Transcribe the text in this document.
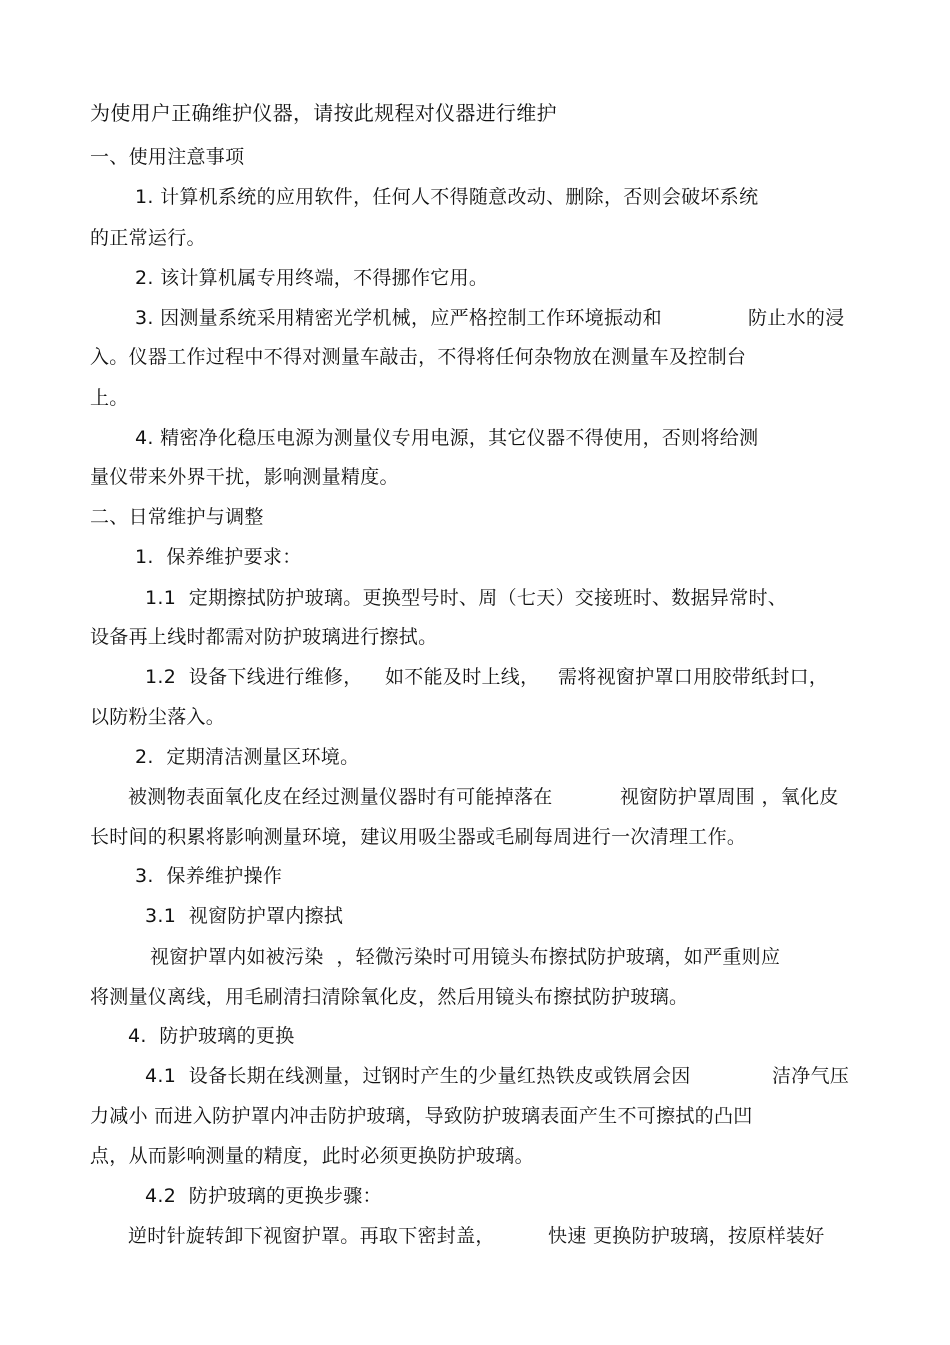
为使用户正确维护仪器，请按此规程对仪器进行维护
一、使用注意事项
1. 计算机系统的应用软件，任何人不得随意改动、删除，否则会破坏系统
的正常运行。
2. 该计算机属专用终端，不得挪作它用。
3. 因测量系统采用精密光学机械，应严格控制工作环境振动和	防止水的浸
入。仪器工作过程中不得对测量车敲击，不得将任何杂物放在测量车及控制台
上。
4. 精密净化稳压电源为测量仪专用电源，其它仪器不得使用，否则将给测
量仪带来外界干扰，影响测量精度。
二、日常维护与调整
1.  保养维护要求：
1.1  定期擦拭防护玻璃。更换型号时、周（七天）交接班时、数据异常时、
设备再上线时都需对防护玻璃进行擦拭。
1.2  设备下线进行维修， 如不能及时上线， 需将视窗护罩口用胶带纸封口，
以防粉尘落入。
2.  定期清洁测量区环境。
被测物表面氧化皮在经过测量仪器时有可能掉落在	视窗防护罩周围 ，氧化皮
长时间的积累将影响测量环境，建议用吸尘器或毛刷每周进行一次清理工作。
3.  保养维护操作
3.1  视窗防护罩内擦拭
视窗护罩内如被污染  ，轻微污染时可用镜头布擦拭防护玻璃，如严重则应
将测量仪离线，用毛刷清扫清除氧化皮，然后用镜头布擦拭防护玻璃。
4.  防护玻璃的更换
4.1  设备长期在线测量，过钢时产生的少量红热铁皮或铁屑会因	洁净气压
力减小 而进入防护罩内冲击防护玻璃，导致防护玻璃表面产生不可擦拭的凸凹
点，从而影响测量的精度，此时必须更换防护玻璃。
4.2  防护玻璃的更换步骤：
逆时针旋转卸下视窗护罩。再取下密封盖，	快速 更换防护玻璃，按原样装好
